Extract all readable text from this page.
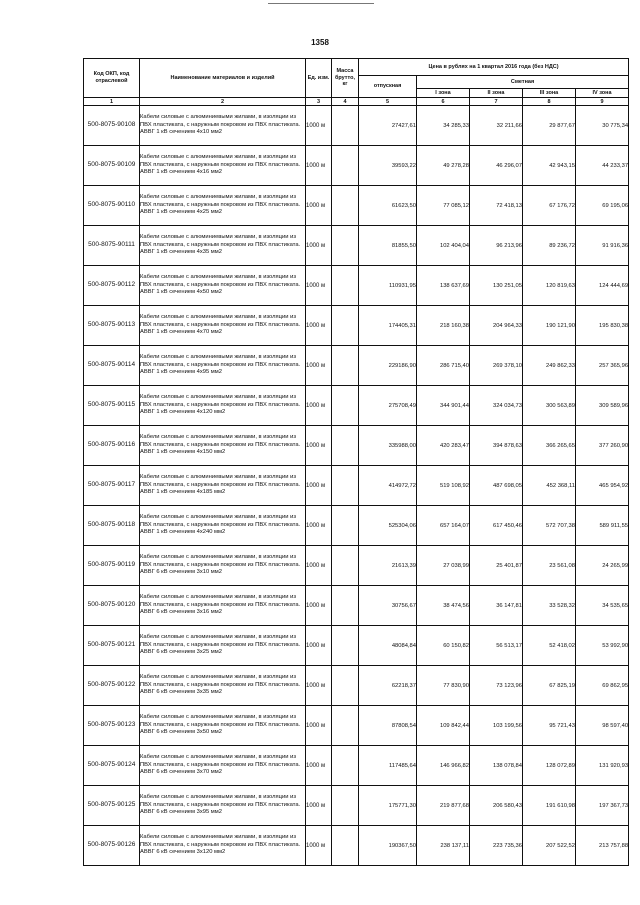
1358
Код ОКП, код отраслевой	Наименование материалов и изделий	Ед. изм.	Масса брутто, кг	Цена в рублях на 1 квартал 2016 года (без НДС)				
				отпускная	Сметная			
					I зона	II зона	III зона	IV зона
1	2	3	4	5	6	7	8	9
500-8075-90108	Кабели силовые с алюминиевыми жилами, в изоляции из ПВХ пластиката, с наружным покровом из ПВХ пластиката. АВВГ 1 кВ сечением 4х10 мм2	1000 м		27427,61	34 285,33	32 211,66	29 877,67	30 775,34
500-8075-90109	Кабели силовые с алюминиевыми жилами, в изоляции из ПВХ пластиката, с наружным покровом из ПВХ пластиката. АВВГ 1 кВ сечением 4х16 мм2	1000 м		39593,22	49 278,28	46 296,07	42 943,15	44 233,37
500-8075-90110	Кабели силовые с алюминиевыми жилами, в изоляции из ПВХ пластиката, с наружным покровом из ПВХ пластиката. АВВГ 1 кВ сечением 4х25 мм2	1000 м		61623,50	77 085,12	72 418,13	67 176,72	69 195,06
500-8075-90111	Кабели силовые с алюминиевыми жилами, в изоляции из ПВХ пластиката, с наружным покровом из ПВХ пластиката. АВВГ 1 кВ сечением 4х35 мм2	1000 м		81855,50	102 404,04	96 213,96	89 236,72	91 916,36
500-8075-90112	Кабели силовые с алюминиевыми жилами, в изоляции из ПВХ пластиката, с наружным покровом из ПВХ пластиката. АВВГ 1 кВ сечением 4х50 мм2	1000 м		110931,95	138 637,69	130 251,05	120 819,63	124 444,69
500-8075-90113	Кабели силовые с алюминиевыми жилами, в изоляции из ПВХ пластиката, с наружным покровом из ПВХ пластиката. АВВГ 1 кВ сечением 4х70 мм2	1000 м		174405,31	218 160,38	204 964,33	190 121,90	195 830,38
500-8075-90114	Кабели силовые с алюминиевыми жилами, в изоляции из ПВХ пластиката, с наружным покровом из ПВХ пластиката. АВВГ 1 кВ сечением 4х95 мм2	1000 м		229186,90	286 715,40	269 378,10	249 862,33	257 365,96
500-8075-90115	Кабели силовые с алюминиевыми жилами, в изоляции из ПВХ пластиката, с наружным покровом из ПВХ пластиката. АВВГ 1 кВ сечением 4х120 мм2	1000 м		275708,49	344 901,44	324 034,73	300 563,89	309 589,96
500-8075-90116	Кабели силовые с алюминиевыми жилами, в изоляции из ПВХ пластиката, с наружным покровом из ПВХ пластиката. АВВГ 1 кВ сечением 4х150 мм2	1000 м		335988,00	420 283,47	394 878,63	366 265,65	377 260,90
500-8075-90117	Кабели силовые с алюминиевыми жилами, в изоляции из ПВХ пластиката, с наружным покровом из ПВХ пластиката. АВВГ 1 кВ сечением 4х185 мм2	1000 м		414972,72	519 108,92	487 698,05	452 368,11	465 954,92
500-8075-90118	Кабели силовые с алюминиевыми жилами, в изоляции из ПВХ пластиката, с наружным покровом из ПВХ пластиката. АВВГ 1 кВ сечением 4х240 мм2	1000 м		525304,06	657 164,07	617 450,46	572 707,38	589 911,55
500-8075-90119	Кабели силовые с алюминиевыми жилами, в изоляции из ПВХ пластиката, с наружным покровом из ПВХ пластиката. АВВГ 6 кВ сечением 3х10 мм2	1000 м		21613,39	27 038,99	25 401,87	23 561,08	24 265,99
500-8075-90120	Кабели силовые с алюминиевыми жилами, в изоляции из ПВХ пластиката, с наружным покровом из ПВХ пластиката. АВВГ 6 кВ сечением 3х16 мм2	1000 м		30756,67	38 474,56	36 147,81	33 528,32	34 535,65
500-8075-90121	Кабели силовые с алюминиевыми жилами, в изоляции из ПВХ пластиката, с наружным покровом из ПВХ пластиката. АВВГ 6 кВ сечением 3х25 мм2	1000 м		48084,84	60 150,82	56 513,17	52 418,02	53 992,90
500-8075-90122	Кабели силовые с алюминиевыми жилами, в изоляции из ПВХ пластиката, с наружным покровом из ПВХ пластиката. АВВГ 6 кВ сечением 3х35 мм2	1000 м		62218,37	77 830,90	73 123,96	67 825,19	69 862,95
500-8075-90123	Кабели силовые с алюминиевыми жилами, в изоляции из ПВХ пластиката, с наружным покровом из ПВХ пластиката. АВВГ 6 кВ сечением 3х50 мм2	1000 м		87808,54	109 842,44	103 199,56	95 721,43	98 597,40
500-8075-90124	Кабели силовые с алюминиевыми жилами, в изоляции из ПВХ пластиката, с наружным покровом из ПВХ пластиката. АВВГ 6 кВ сечением 3х70 мм2	1000 м		117485,64	146 966,82	138 078,84	128 072,89	131 920,93
500-8075-90125	Кабели силовые с алюминиевыми жилами, в изоляции из ПВХ пластиката, с наружным покровом из ПВХ пластиката. АВВГ 6 кВ сечением 3х95 мм2	1000 м		175771,30	219 877,68	206 580,43	191 610,98	197 367,73
500-8075-90126	Кабели силовые с алюминиевыми жилами, в изоляции из ПВХ пластиката, с наружным покровом из ПВХ пластиката. АВВГ 6 кВ сечением 3х120 мм2	1000 м		190367,50	238 137,11	223 735,36	207 522,52	213 757,88
